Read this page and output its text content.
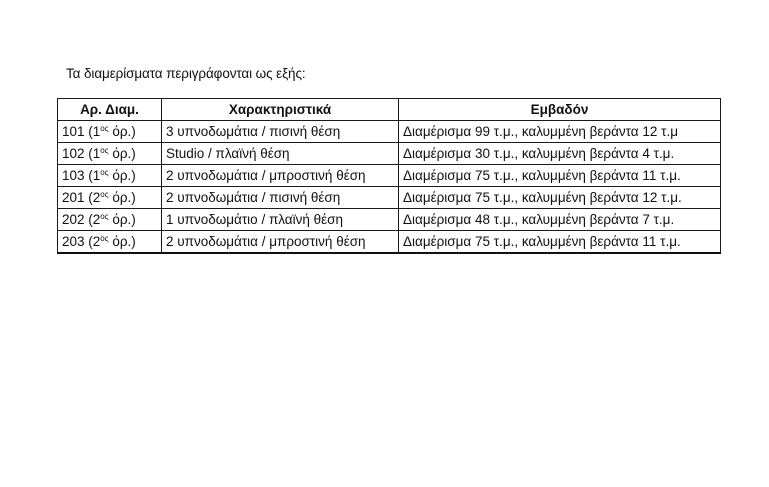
Τα διαμερίσματα περιγράφονται ως εξής:
Αρ. Διαμ.	Χαρακτηριστικά	Εμβαδόν
101 ($1^{o\varsigma}$ όρ.)	3 υπνοδωμάτια / πισινή θέση	Διαμέρισμα 99 τ.μ., καλυμμένη βεράντα 12 τ.μ
102 ($1^{o\varsigma}$ όρ.)	Studio / πλαϊνή θέση	Διαμέρισμα 30 τ.μ., καλυμμένη βεράντα 4 τ.μ.
103 ($1^{o\varsigma}$ όρ.)	2 υπνοδωμάτια / μπροστινή θέση	Διαμέρισμα 75 τ.μ., καλυμμένη βεράντα 11 τ.μ.
201 ($2^{o\varsigma}$ όρ.)	2 υπνοδωμάτια / πισινή θέση	Διαμέρισμα 75 τ.μ., καλυμμένη βεράντα 12 τ.μ.
202 ($2^{o\varsigma}$ όρ.)	1 υπνοδωμάτιο / πλαϊνή θέση	Διαμέρισμα 48 τ.μ., καλυμμένη βεράντα 7 τ.μ.
203 ($2^{o\varsigma}$ όρ.)	2 υπνοδωμάτια / μπροστινή θέση	Διαμέρισμα 75 τ.μ., καλυμμένη βεράντα 11 τ.μ.
